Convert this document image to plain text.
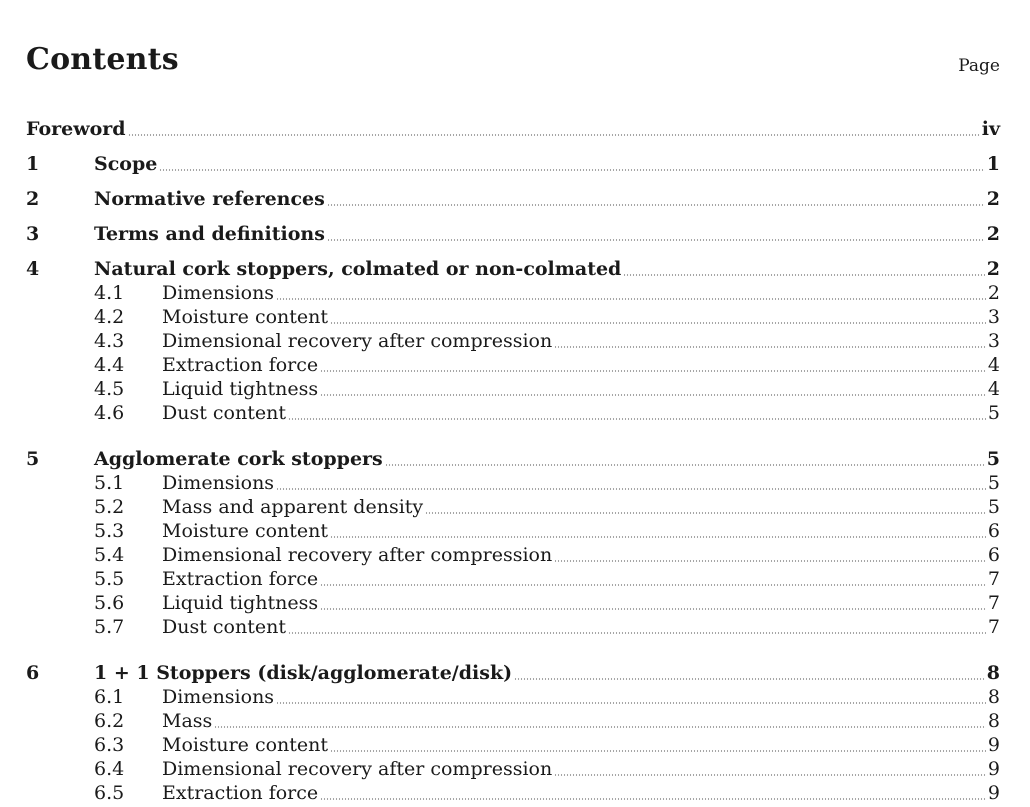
Contents	Page
Foreword	iv
1	Scope	1
2	Normative references	2
3	Terms and definitions	2
4	Natural cork stoppers, colmated or non-colmated	2
4.1	Dimensions	2
4.2	Moisture content	3
4.3	Dimensional recovery after compression	3
4.4	Extraction force	4
4.5	Liquid tightness	4
4.6	Dust content	5
5	Agglomerate cork stoppers	5
5.1	Dimensions	5
5.2	Mass and apparent density	5
5.3	Moisture content	6
5.4	Dimensional recovery after compression	6
5.5	Extraction force	7
5.6	Liquid tightness	7
5.7	Dust content	7
6	1 + 1 Stoppers (disk/agglomerate/disk)	8
6.1	Dimensions	8
6.2	Mass	8
6.3	Moisture content	9
6.4	Dimensional recovery after compression	9
6.5	Extraction force	9
